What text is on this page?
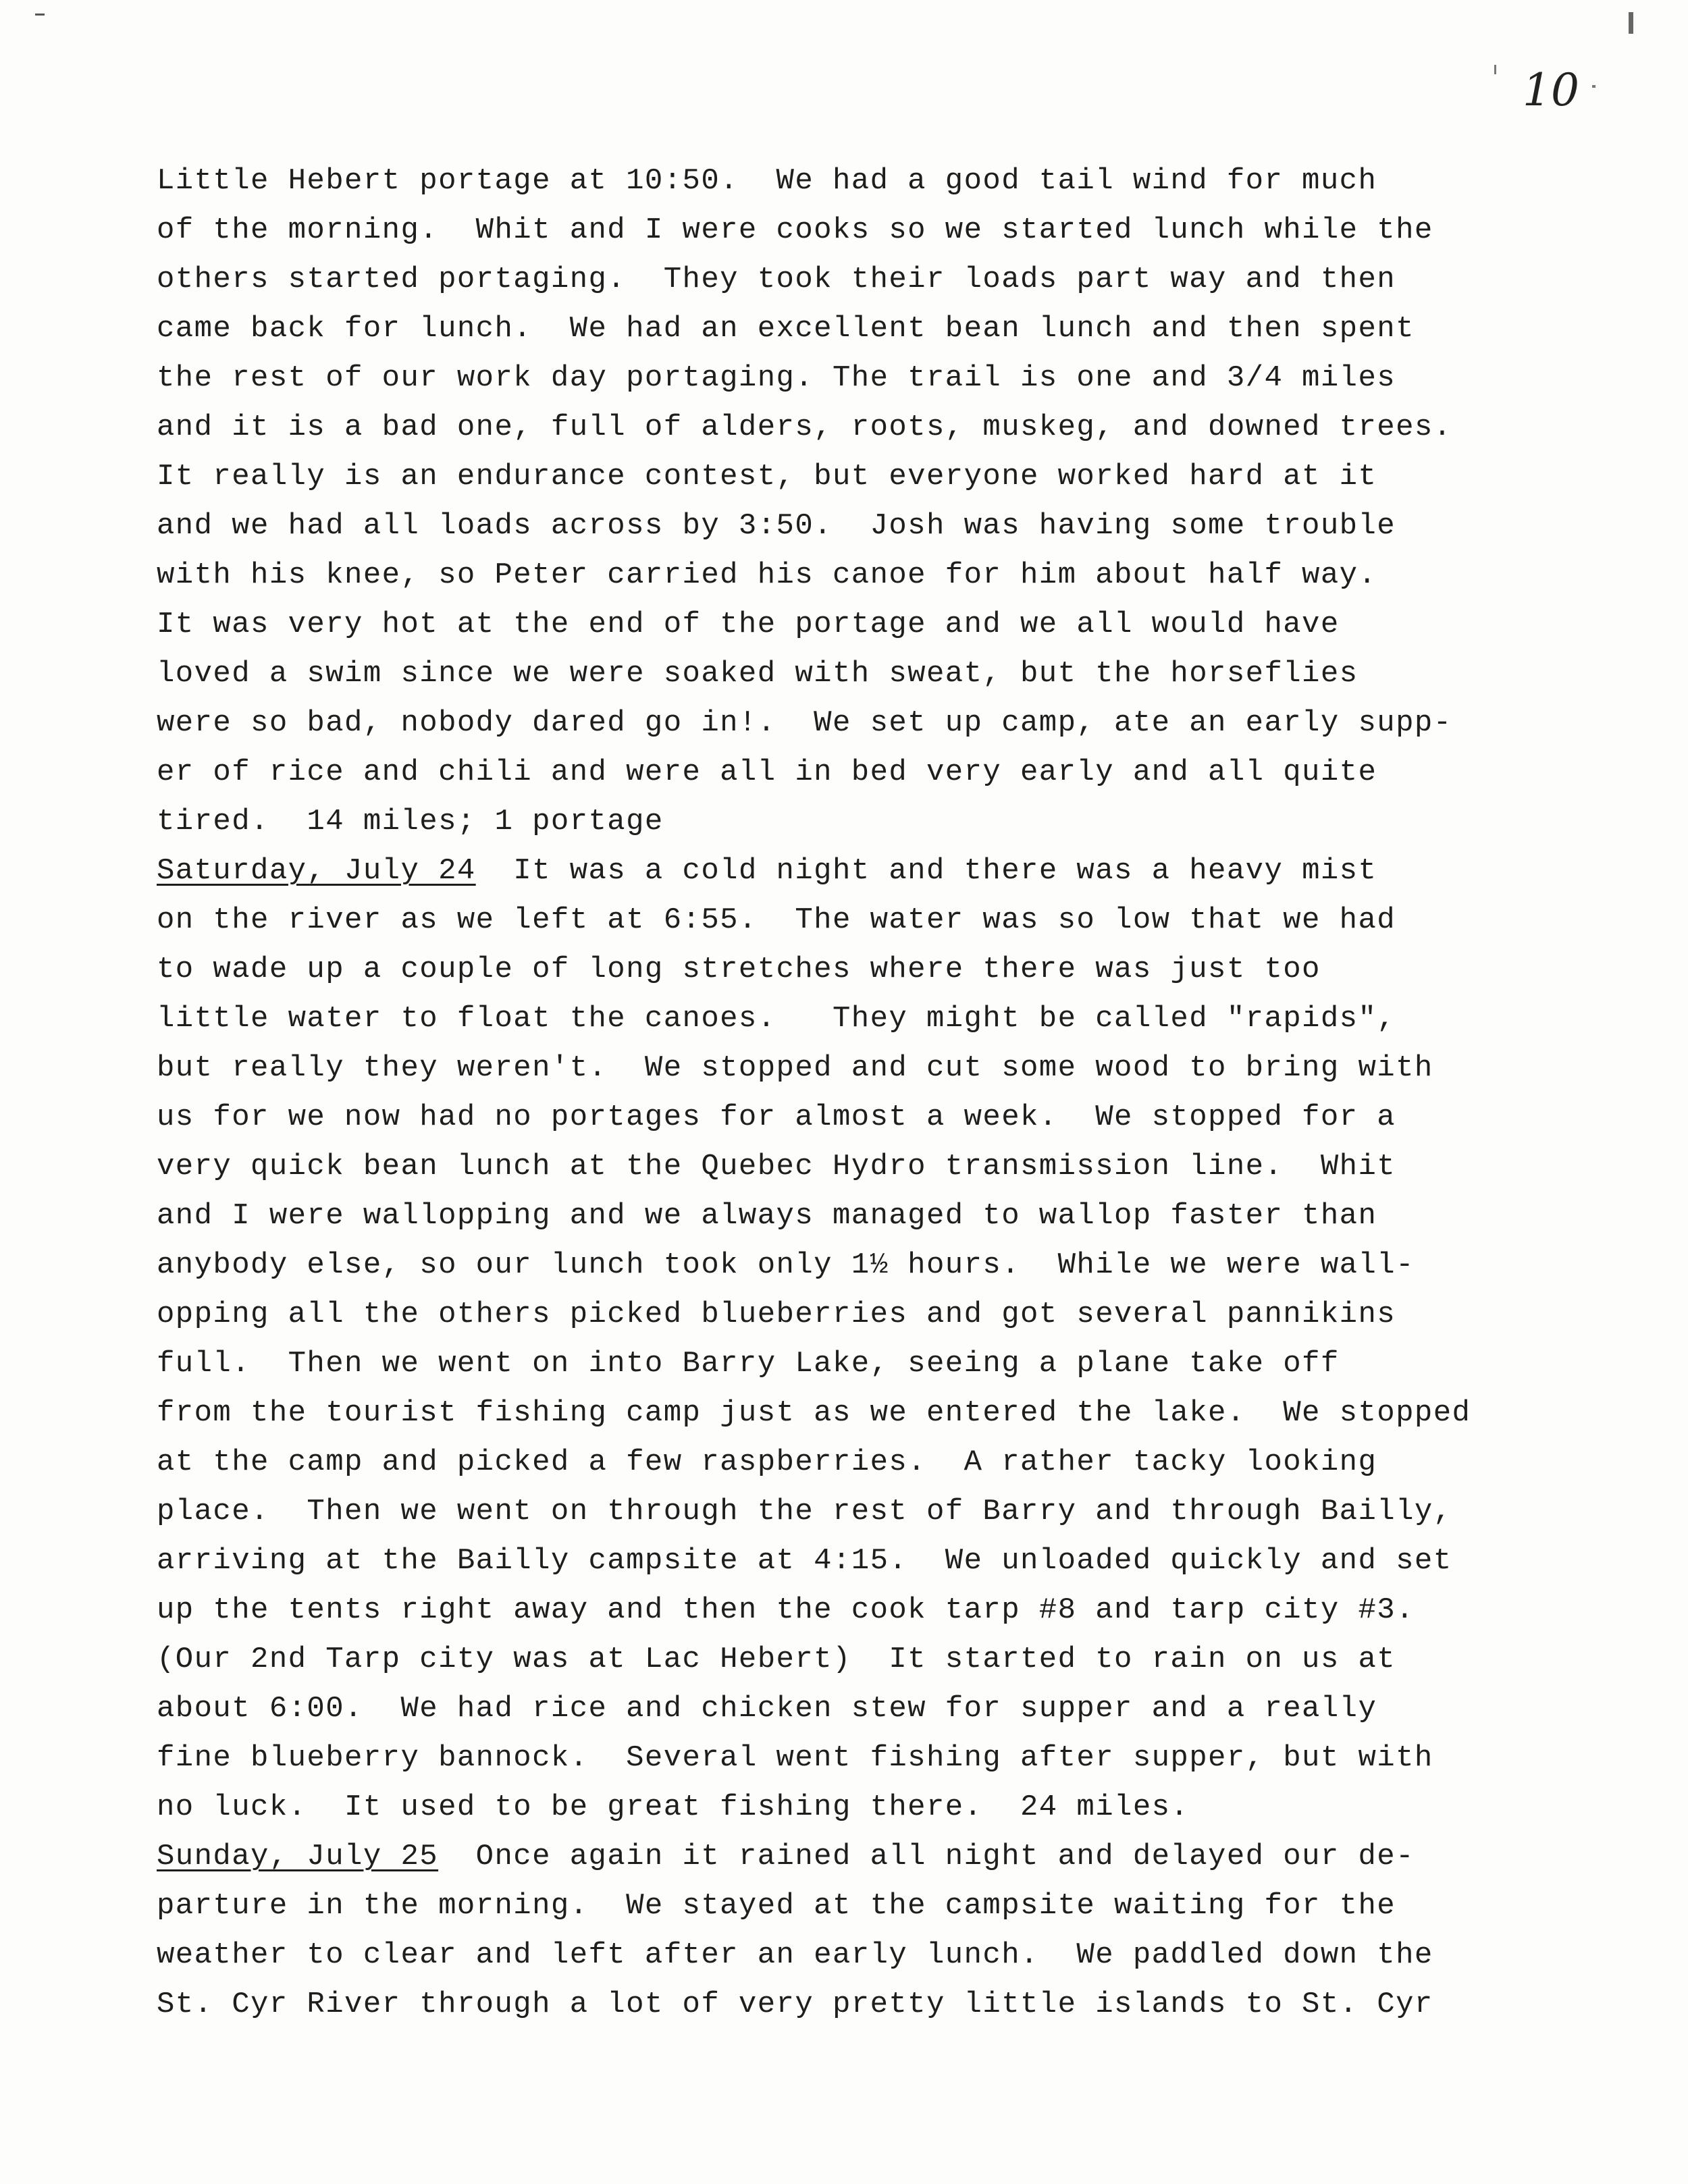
10
Little Hebert portage at 10:50.  We had a good tail wind for much
of the morning.  Whit and I were cooks so we started lunch while the
others started portaging.  They took their loads part way and then
came back for lunch.  We had an excellent bean lunch and then spent
the rest of our work day portaging. The trail is one and 3/4 miles
and it is a bad one, full of alders, roots, muskeg, and downed trees.
It really is an endurance contest, but everyone worked hard at it
and we had all loads across by 3:50.  Josh was having some trouble
with his knee, so Peter carried his canoe for him about half way.
It was very hot at the end of the portage and we all would have
loved a swim since we were soaked with sweat, but the horseflies
were so bad, nobody dared go in!.  We set up camp, ate an early supp-
er of rice and chili and were all in bed very early and all quite
tired.  14 miles; 1 portage
Saturday, July 24  It was a cold night and there was a heavy mist
on the river as we left at 6:55.  The water was so low that we had
to wade up a couple of long stretches where there was just too
little water to float the canoes.   They might be called "rapids",
but really they weren't.  We stopped and cut some wood to bring with
us for we now had no portages for almost a week.  We stopped for a
very quick bean lunch at the Quebec Hydro transmission line.  Whit
and I were wallopping and we always managed to wallop faster than
anybody else, so our lunch took only 1½ hours.  While we were wall-
opping all the others picked blueberries and got several pannikins
full.  Then we went on into Barry Lake, seeing a plane take off
from the tourist fishing camp just as we entered the lake.  We stopped
at the camp and picked a few raspberries.  A rather tacky looking
place.  Then we went on through the rest of Barry and through Bailly,
arriving at the Bailly campsite at 4:15.  We unloaded quickly and set
up the tents right away and then the cook tarp #8 and tarp city #3.
(Our 2nd Tarp city was at Lac Hebert)  It started to rain on us at
about 6:00.  We had rice and chicken stew for supper and a really
fine blueberry bannock.  Several went fishing after supper, but with
no luck.  It used to be great fishing there.  24 miles.
Sunday, July 25  Once again it rained all night and delayed our de-
parture in the morning.  We stayed at the campsite waiting for the
weather to clear and left after an early lunch.  We paddled down the
St. Cyr River through a lot of very pretty little islands to St. Cyr
